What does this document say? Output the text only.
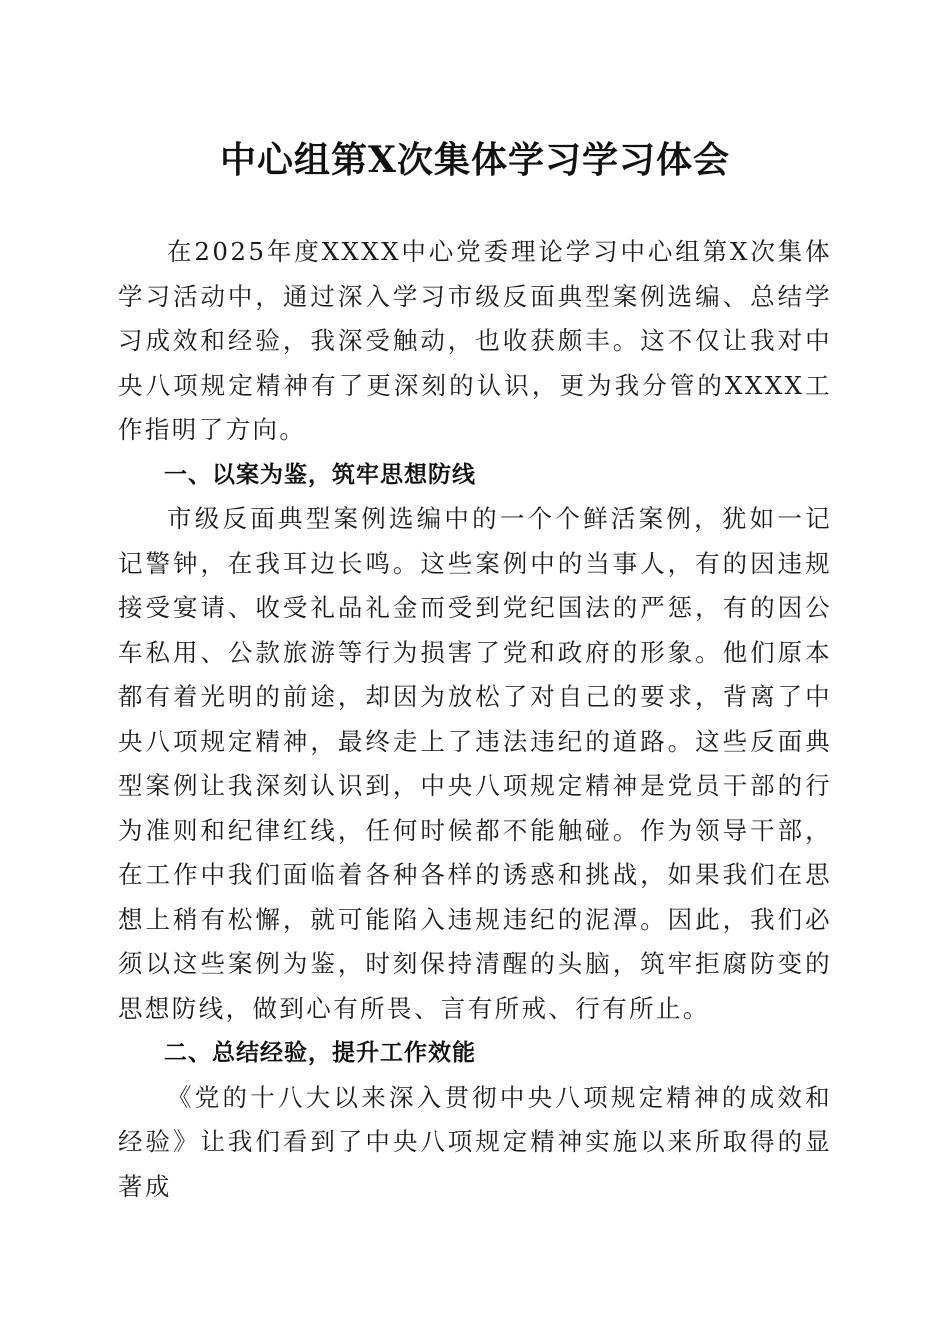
中心组第X次集体学习学习体会

在2025年度XXXX中心党委理论学习中心组第X次集体学习活动中，通过深入学习市级反面典型案例选编、总结学习成效和经验，我深受触动，也收获颇丰。这不仅让我对中央八项规定精神有了更深刻的认识，更为我分管的XXXX工作指明了方向。

一、以案为鉴，筑牢思想防线

市级反面典型案例选编中的一个个鲜活案例，犹如一记记警钟，在我耳边长鸣。这些案例中的当事人，有的因违规接受宴请、收受礼品礼金而受到党纪国法的严惩，有的因公车私用、公款旅游等行为损害了党和政府的形象。他们原本都有着光明的前途，却因为放松了对自己的要求，背离了中央八项规定精神，最终走上了违法违纪的道路。这些反面典型案例让我深刻认识到，中央八项规定精神是党员干部的行为准则和纪律红线，任何时候都不能触碰。作为领导干部，在工作中我们面临着各种各样的诱惑和挑战，如果我们在思想上稍有松懈，就可能陷入违规违纪的泥潭。因此，我们必须以这些案例为鉴，时刻保持清醒的头脑，筑牢拒腐防变的思想防线，做到心有所畏、言有所戒、行有所止。

二、总结经验，提升工作效能

《党的十八大以来深入贯彻中央八项规定精神的成效和经验》让我们看到了中央八项规定精神实施以来所取得的显著成
